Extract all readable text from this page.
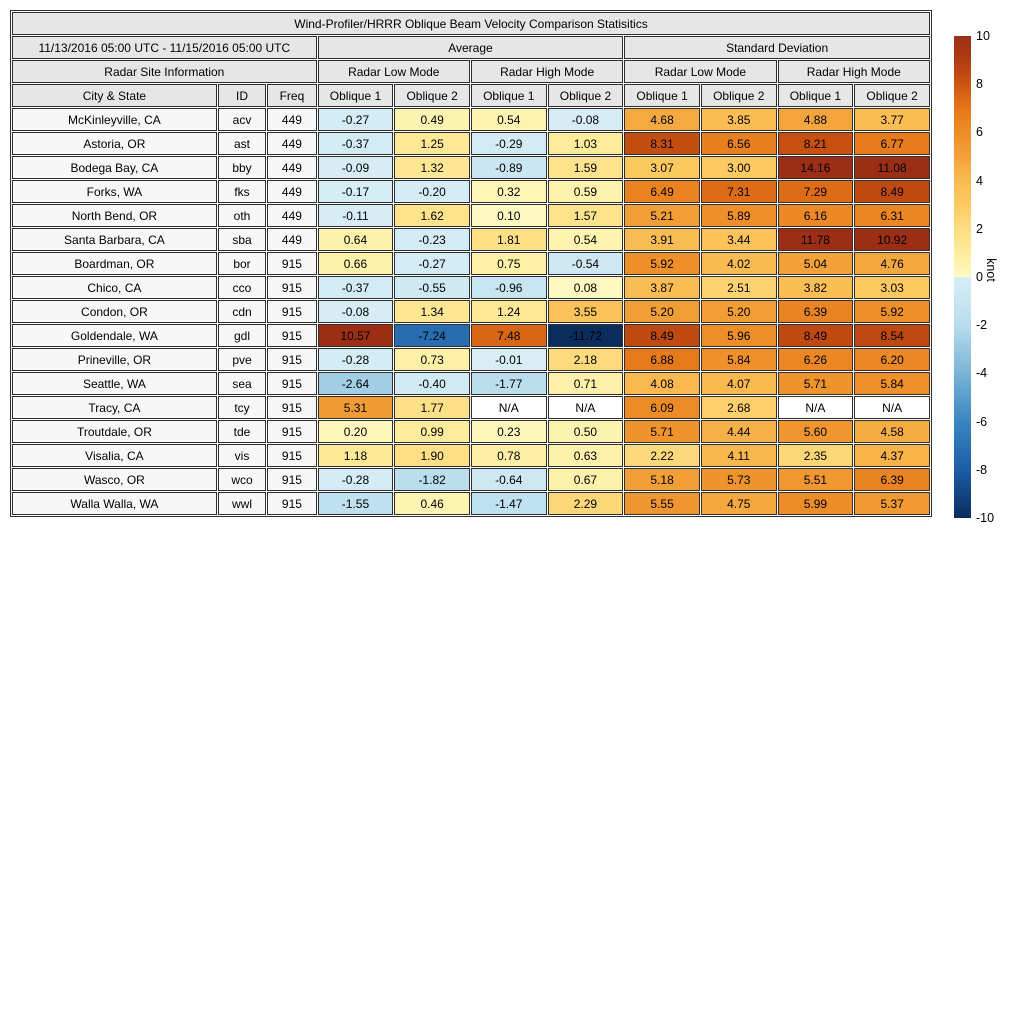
Wind-Profiler/HRRR Oblique Beam Velocity Comparison Statisitics										
11/13/2016 05:00 UTC - 11/15/2016 05:00 UTC			Average				Standard Deviation			
Radar Site Information			Radar Low Mode		Radar High Mode		Radar Low Mode		Radar High Mode	
City & State	ID	Freq	Oblique 1	Oblique 2	Oblique 1	Oblique 2	Oblique 1	Oblique 2	Oblique 1	Oblique 2
McKinleyville, CA	acv	449	-0.27	0.49	0.54	-0.08	4.68	3.85	4.88	3.77
Astoria, OR	ast	449	-0.37	1.25	-0.29	1.03	8.31	6.56	8.21	6.77
Bodega Bay, CA	bby	449	-0.09	1.32	-0.89	1.59	3.07	3.00	14.16	11.08
Forks, WA	fks	449	-0.17	-0.20	0.32	0.59	6.49	7.31	7.29	8.49
North Bend, OR	oth	449	-0.11	1.62	0.10	1.57	5.21	5.89	6.16	6.31
Santa Barbara, CA	sba	449	0.64	-0.23	1.81	0.54	3.91	3.44	11.78	10.92
Boardman, OR	bor	915	0.66	-0.27	0.75	-0.54	5.92	4.02	5.04	4.76
Chico, CA	cco	915	-0.37	-0.55	-0.96	0.08	3.87	2.51	3.82	3.03
Condon, OR	cdn	915	-0.08	1.34	1.24	3.55	5.20	5.20	6.39	5.92
Goldendale, WA	gdl	915	10.57	-7.24	7.48	-11.72	8.49	5.96	8.49	8.54
Prineville, OR	pve	915	-0.28	0.73	-0.01	2.18	6.88	5.84	6.26	6.20
Seattle, WA	sea	915	-2.64	-0.40	-1.77	0.71	4.08	4.07	5.71	5.84
Tracy, CA	tcy	915	5.31	1.77	N/A	N/A	6.09	2.68	N/A	N/A
Troutdale, OR	tde	915	0.20	0.99	0.23	0.50	5.71	4.44	5.60	4.58
Visalia, CA	vis	915	1.18	1.90	0.78	0.63	2.22	4.11	2.35	4.37
Wasco, OR	wco	915	-0.28	-1.82	-0.64	0.67	5.18	5.73	5.51	6.39
Walla Walla, WA	wwl	915	-1.55	0.46	-1.47	2.29	5.55	4.75	5.99	5.37
10
8
6
4
2
0
-2
-4
-6
-8
-10
knot
